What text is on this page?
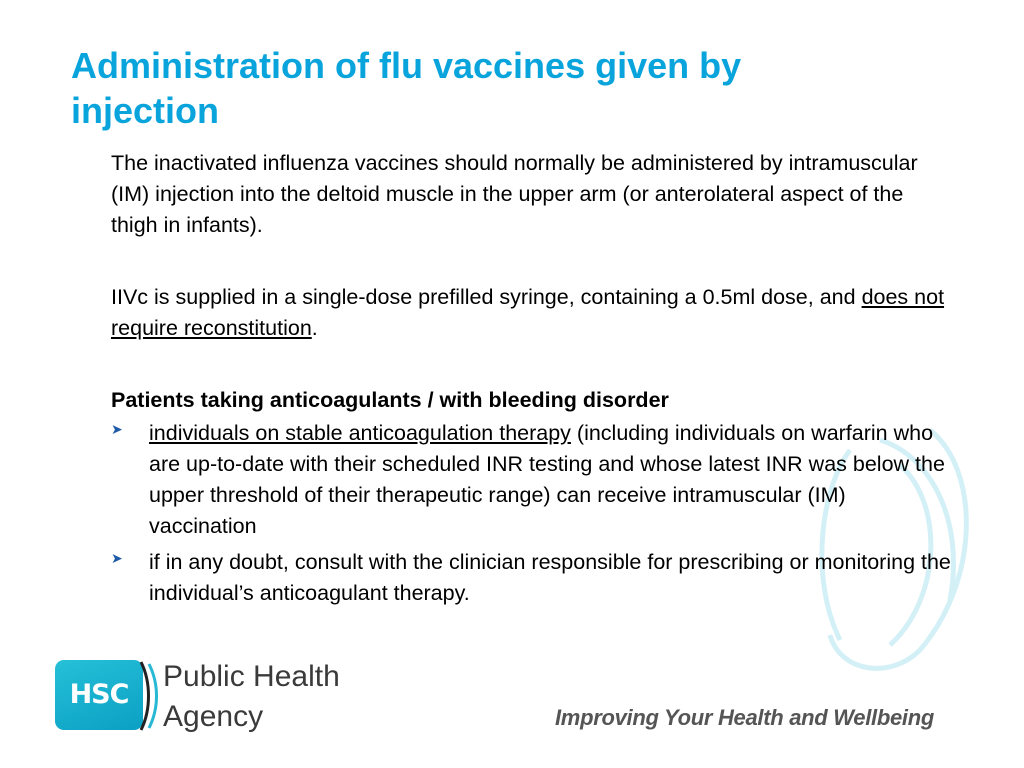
Administration of flu vaccines given by injection

The inactivated influenza vaccines should normally be administered by intramuscular (IM) injection into the deltoid muscle in the upper arm (or anterolateral aspect of the thigh in infants).

IIVc is supplied in a single-dose prefilled syringe, containing a 0.5ml dose, and does not require reconstitution.

Patients taking anticoagulants / with bleeding disorder

➤ individuals on stable anticoagulation therapy (including individuals on warfarin who are up-to-date with their scheduled INR testing and whose latest INR was below the upper threshold of their therapeutic range) can receive intramuscular (IM) vaccination
➤ if in any doubt, consult with the clinician responsible for prescribing or monitoring the individual’s anticoagulant therapy.
HSC
Public Health
Agency	Improving Your Health and Wellbeing
